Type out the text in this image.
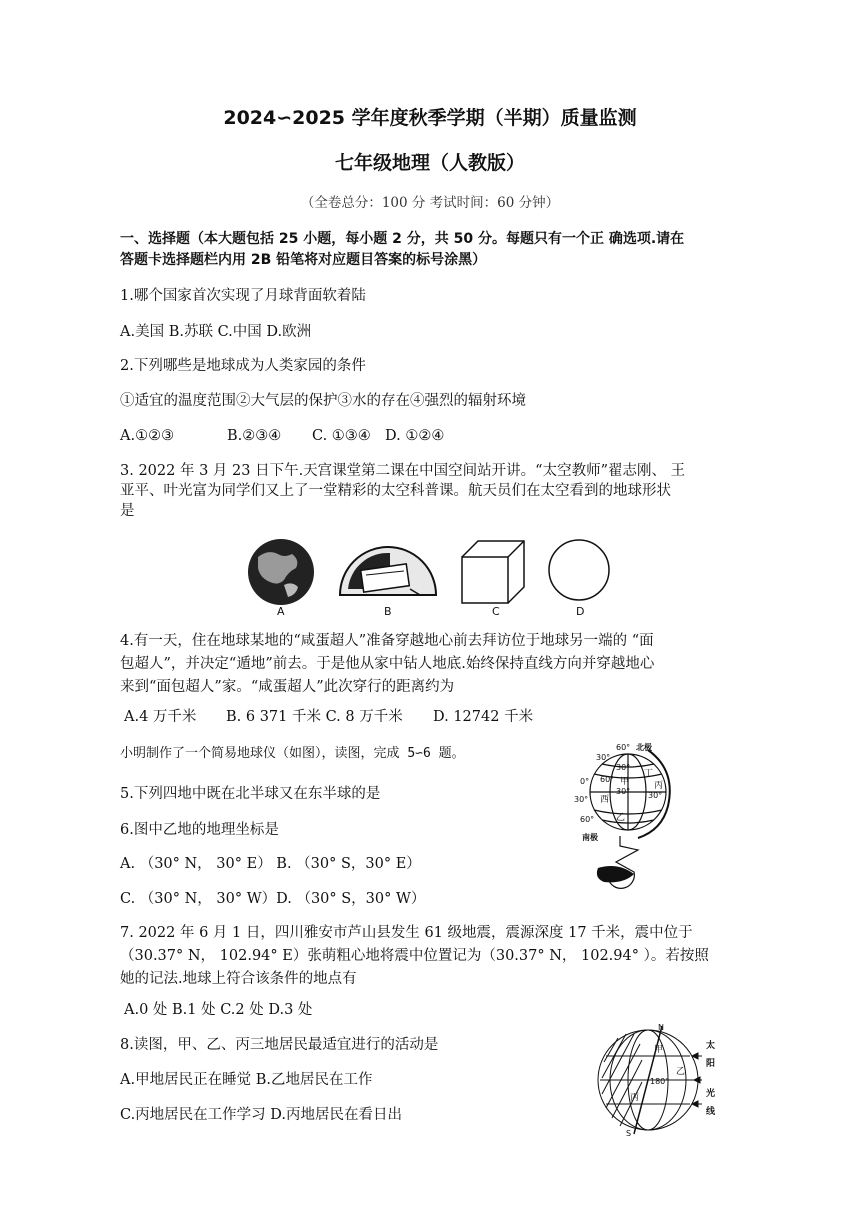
2024∽2025 学年度秋季学期（半期）质量监测
七年级地理（人教版）
（全卷总分：100 分 考试时间：60 分钟）
一、选择题（本大题包括 25 小题，每小题 2 分，共 50 分。每题只有一个正 确选项.请在
答题卡选择题栏内用 2B 铅笔将对应题目答案的标号涂黑）
1.哪个国家首次实现了月球背面软着陆
A.美国 B.苏联 C.中国 D.欧洲
2.下列哪些是地球成为人类家园的条件
①适宜的温度范围②大气层的保护③水的存在④强烈的辐射环境
A.①②③	B.②③④ C. ①③④ D. ①②④
3. 2022 年 3 月 23 日下午.天宫课堂第二课在中国空间站开讲。“太空教师”翟志刚、 王
亚平、叶光富为同学们又上了一堂精彩的太空科普课。航天员们在太空看到的地球形状
是
A	B	C	D
4.有一天，住在地球某地的“咸蛋超人”准备穿越地心前去拜访位于地球另一端的 “面
包超人”，并决定“遁地”前去。于是他从家中钻人地底.始终保持直线方向并穿越地心
来到“面包超人”家。“咸蛋超人”此次穿行的距离约为
A.4 万千米 B. 6 371 千米 C. 8 万千米 D. 12742 千米
小明制作了一个简易地球仪（如图），读图，完成 5∽6 题。
5.下列四地中既在北半球又在东半球的是
6.图中乙地的地理坐标是
A. （30° N， 30° E） B. （30° S，30° E）
C. （30° N， 30° W）D. （30° S，30° W）
60° 北极
30°
0° 60°
30°
丁
甲
30° 西
30° 30°
丙
60° 乙
南极
7. 2022 年 6 月 1 日，四川雅安市芦山县发生 61 级地震，震源深度 17 千米，震中位于
（30.37° N， 102.94° E）张萌粗心地将震中位置记为（30.37° N， 102.94° ）。若按照
她的记法.地球上符合该条件的地点有
A.0 处 B.1 处 C.2 处 D.3 处
8.读图，甲、乙、丙三地居民最适宜进行的活动是
A.甲地居民正在睡觉 B.乙地居民在工作
C.丙地居民在工作学习 D.丙地居民在看日出
N
S
甲
乙
丙
180°
太
阳
光
线
